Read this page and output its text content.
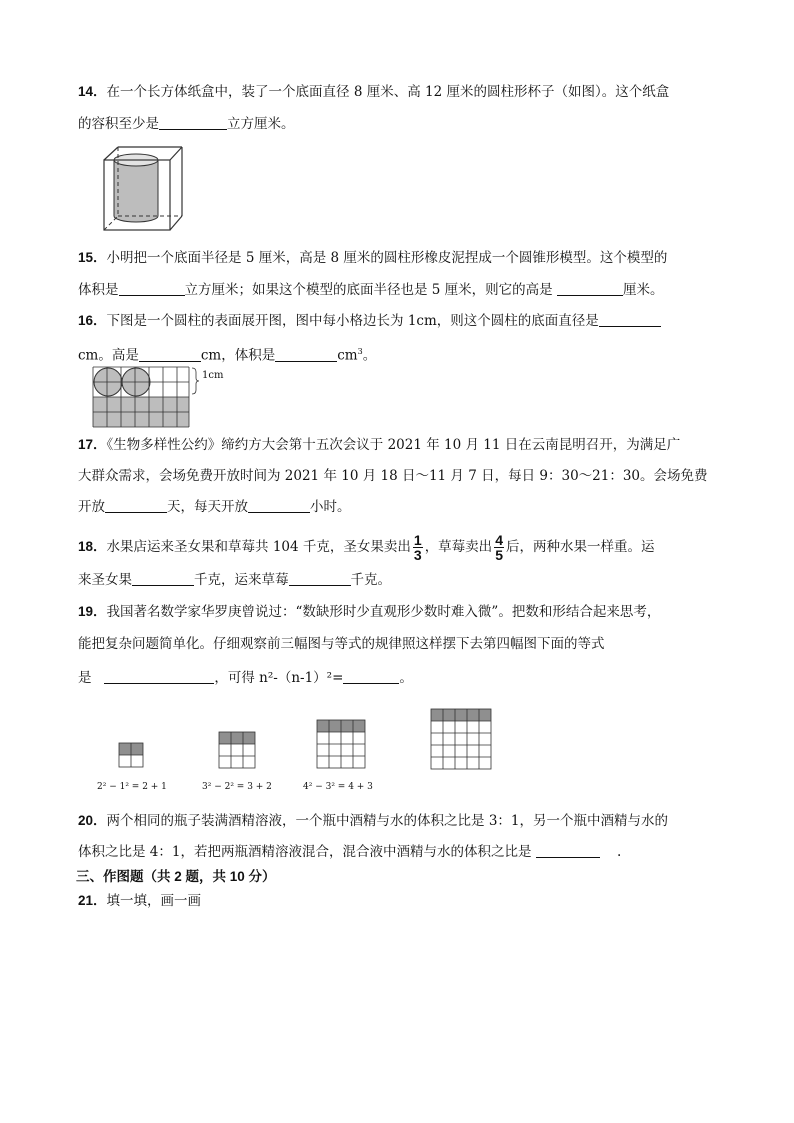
14．在一个长方体纸盒中，装了一个底面直径 8 厘米、高 12 厘米的圆柱形杯子（如图）。这个纸盒
的容积至少是	立方厘米。
15．小明把一个底面半径是 5 厘米，高是 8 厘米的圆柱形橡皮泥捏成一个圆锥形模型。这个模型的
体积是	立方厘米；如果这个模型的底面半径也是 5 厘米，则它的高是	厘米。
16．下图是一个圆柱的表面展开图，图中每小格边长为 1cm，则这个圆柱的底面直径是
cm。高是	cm，体积是	$cm^3$。
1cm
17．《生物多样性公约》缔约方大会第十五次会议于 2021 年 10 月 11 日在云南昆明召开，为满足广
大群众需求，会场免费开放时间为 2021 年 10 月 18 日～11 月 7 日，每日 9：30～21：30。会场免费
开放	天，每天开放	小时。
18．水果店运来圣女果和草莓共 104 千克，圣女果卖出 $\frac{1}{3}$ ，草莓卖出 $\frac{4}{5}$ 后，两种水果一样重。运
来圣女果	千克，运来草莓	千克。
19．我国著名数学家华罗庚曾说过：“数缺形时少直观形少数时难入微”。把数和形结合起来思考，
能把复杂问题简单化。仔细观察前三幅图与等式的规律照这样摆下去第四幅图下面的等式
是	，可得 n²-（n-1）²=	。
2² − 1² = 2 + 1	3² − 2² = 3 + 2	4² − 3² = 4 + 3
20．两个相同的瓶子装满酒精溶液，一个瓶中酒精与水的体积之比是 3：1，另一个瓶中酒精与水的
体积之比是 4：1，若把两瓶酒精溶液混合，混合液中酒精与水的体积之比是	.
三、作图题（共 2 题，共 10 分）
21．填一填，画一画
